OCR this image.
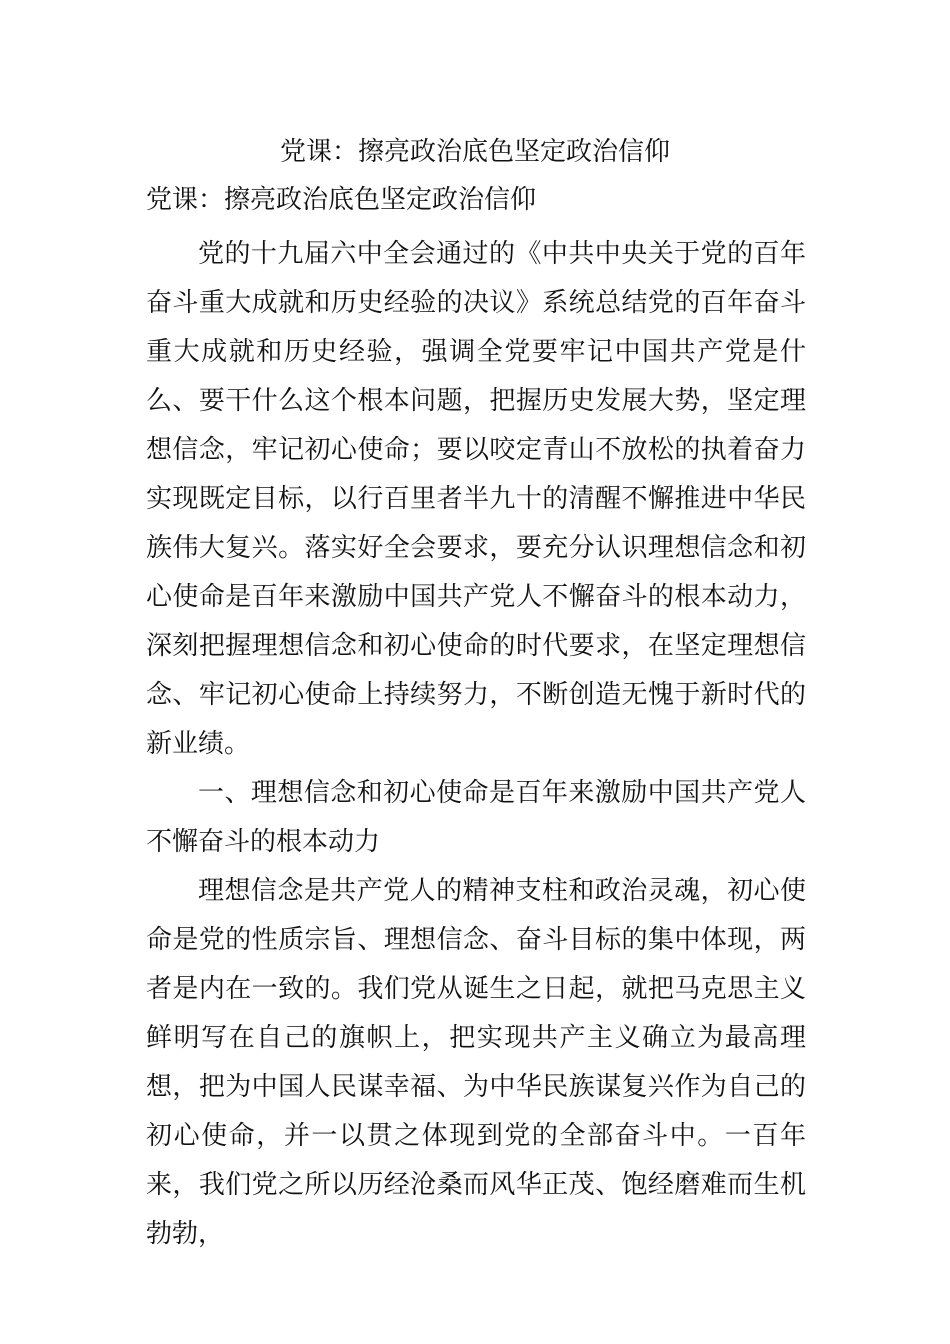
党课：擦亮政治底色坚定政治信仰
党课：擦亮政治底色坚定政治信仰

党的十九届六中全会通过的《中共中央关于党的百年奋斗重大成就和历史经验的决议》系统总结党的百年奋斗重大成就和历史经验，强调全党要牢记中国共产党是什么、要干什么这个根本问题，把握历史发展大势，坚定理想信念，牢记初心使命；要以咬定青山不放松的执着奋力实现既定目标，以行百里者半九十的清醒不懈推进中华民族伟大复兴。落实好全会要求，要充分认识理想信念和初心使命是百年来激励中国共产党人不懈奋斗的根本动力，深刻把握理想信念和初心使命的时代要求，在坚定理想信念、牢记初心使命上持续努力，不断创造无愧于新时代的新业绩。

一、理想信念和初心使命是百年来激励中国共产党人不懈奋斗的根本动力

理想信念是共产党人的精神支柱和政治灵魂，初心使命是党的性质宗旨、理想信念、奋斗目标的集中体现，两者是内在一致的。我们党从诞生之日起，就把马克思主义鲜明写在自己的旗帜上，把实现共产主义确立为最高理想，把为中国人民谋幸福、为中华民族谋复兴作为自己的初心使命，并一以贯之体现到党的全部奋斗中。一百年来，我们党之所以历经沧桑而风华正茂、饱经磨难而生机勃勃，
